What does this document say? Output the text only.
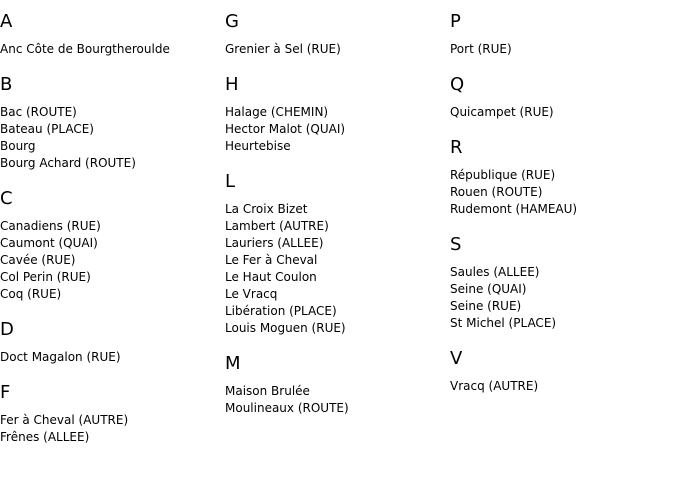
A
Anc Côte de Bourgtheroulde
B
Bac (ROUTE)
Bateau (PLACE)
Bourg
Bourg Achard (ROUTE)
C
Canadiens (RUE)
Caumont (QUAI)
Cavée (RUE)
Col Perin (RUE)
Coq (RUE)
D
Doct Magalon (RUE)
F
Fer à Cheval (AUTRE)
Frênes (ALLEE)
G
Grenier à Sel (RUE)
H
Halage (CHEMIN)
Hector Malot (QUAI)
Heurtebise
L
La Croix Bizet
Lambert (AUTRE)
Lauriers (ALLEE)
Le Fer à Cheval
Le Haut Coulon
Le Vracq
Libération (PLACE)
Louis Moguen (RUE)
M
Maison Brulée
Moulineaux (ROUTE)
P
Port (RUE)
Q
Quicampet (RUE)
R
République (RUE)
Rouen (ROUTE)
Rudemont (HAMEAU)
S
Saules (ALLEE)
Seine (QUAI)
Seine (RUE)
St Michel (PLACE)
V
Vracq (AUTRE)
